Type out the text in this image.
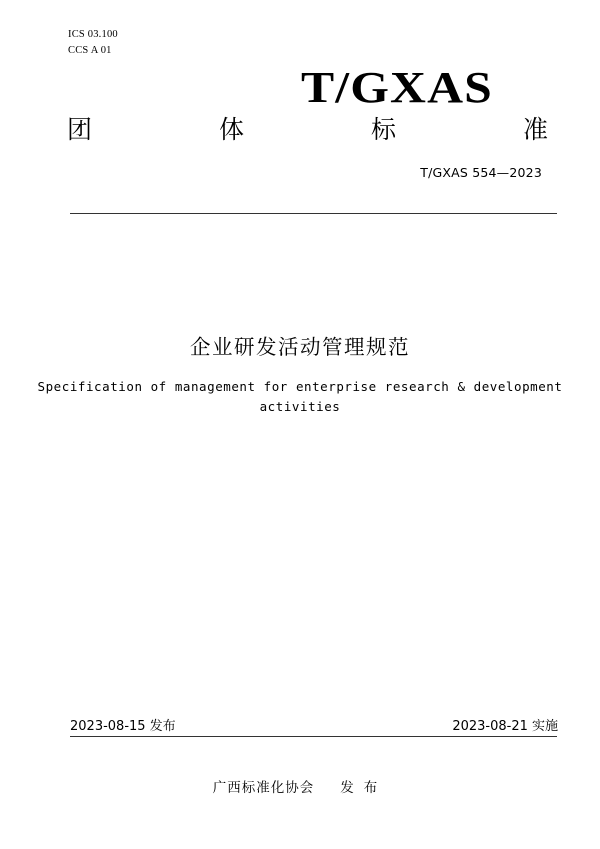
ICS 03.100
CCS A 01
T/GXAS
团	体	标	准
T/GXAS 554—2023
企业研发活动管理规范
Specification of management for enterprise research & development
activities
2023-08-15 发布	2023-08-21 实施
广西标准化协会 发布
